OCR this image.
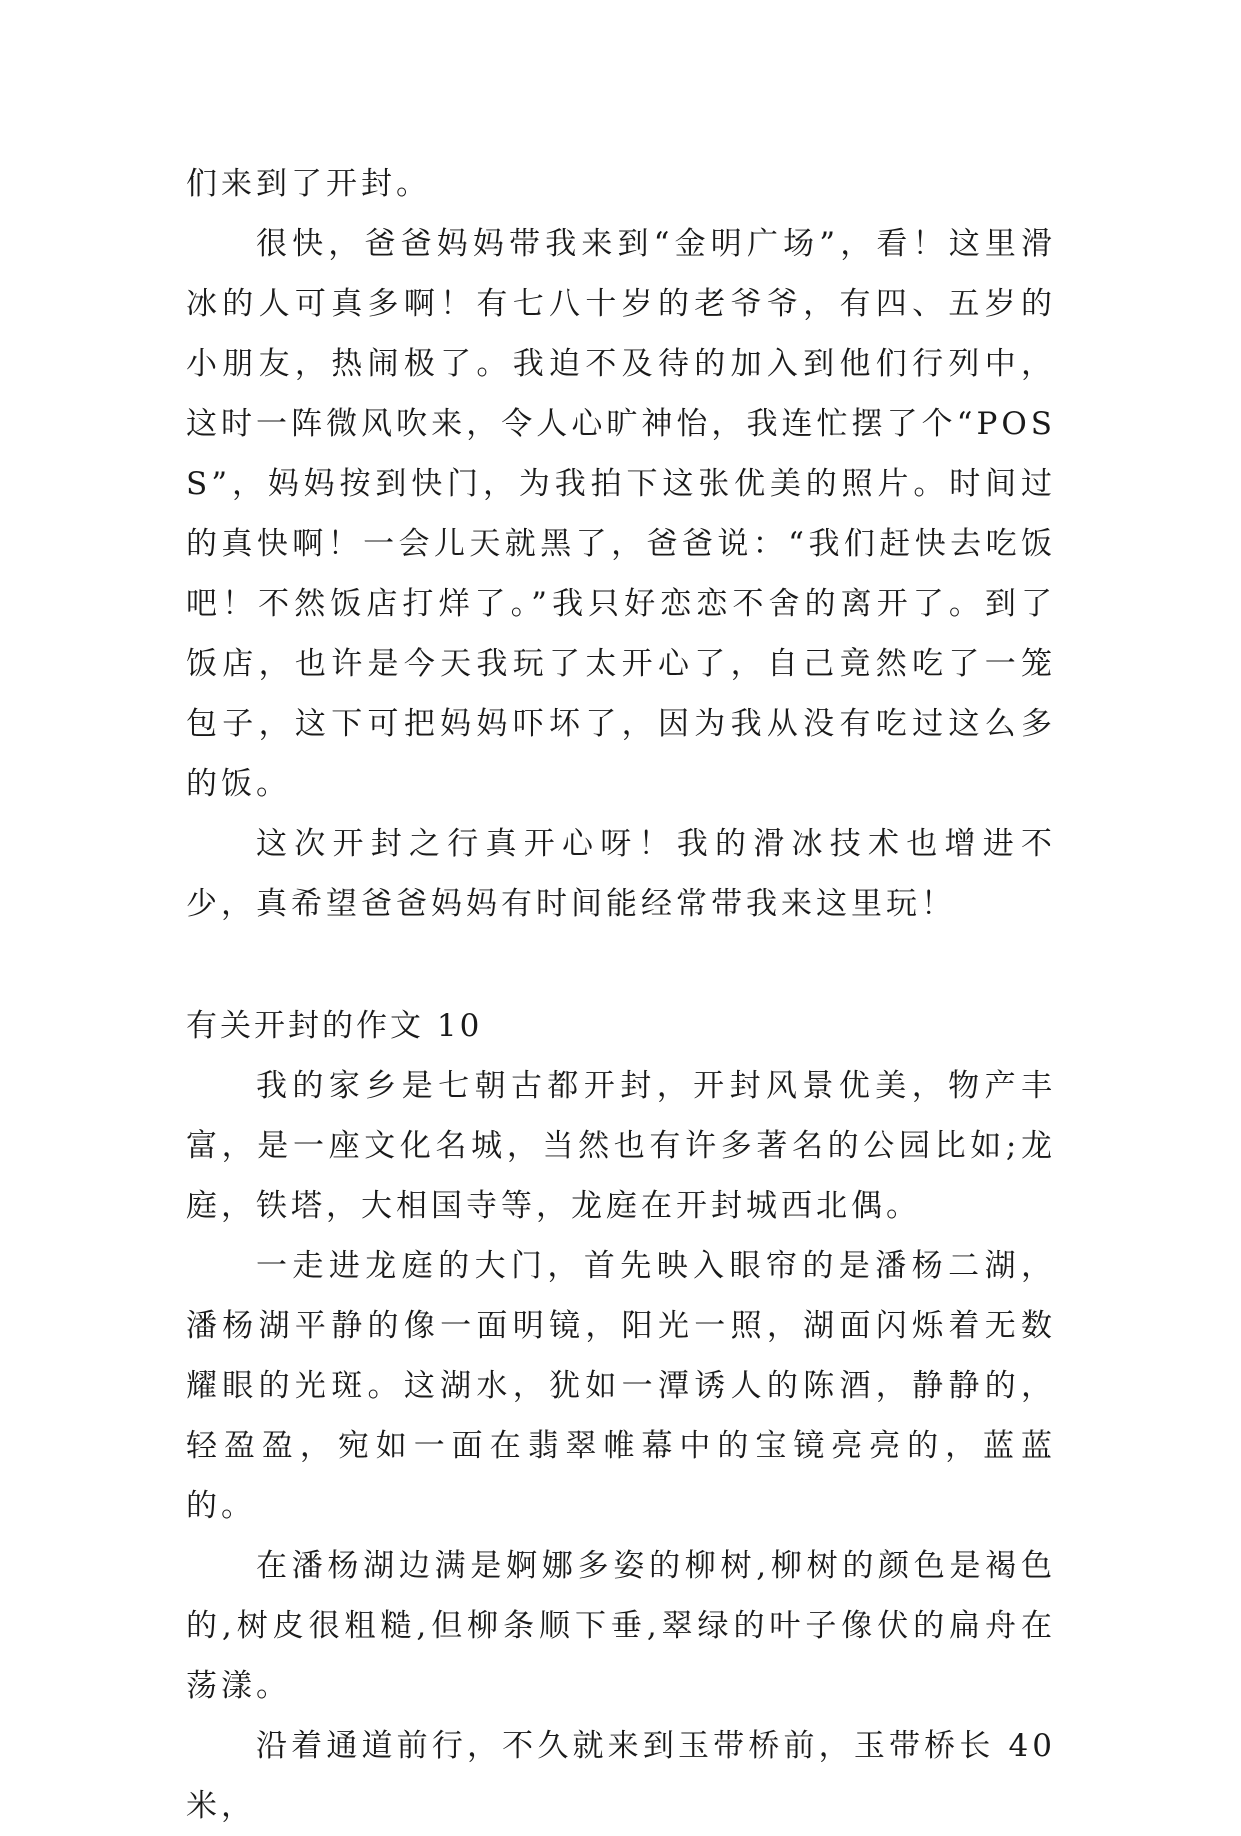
们来到了开封。

很快，爸爸妈妈带我来到“金明广场”，看！这里滑冰的人可真多啊！有七八十岁的老爷爷，有四、五岁的小朋友，热闹极了。我迫不及待的加入到他们行列中，这时一阵微风吹来，令人心旷神怡，我连忙摆了个“POSS”，妈妈按到快门，为我拍下这张优美的照片。时间过的真快啊！一会儿天就黑了，爸爸说：“我们赶快去吃饭吧！不然饭店打烊了。”我只好恋恋不舍的离开了。到了饭店，也许是今天我玩了太开心了，自己竟然吃了一笼包子，这下可把妈妈吓坏了，因为我从没有吃过这么多的饭。

这次开封之行真开心呀！我的滑冰技术也增进不少，真希望爸爸妈妈有时间能经常带我来这里玩！

有关开封的作文 10

我的家乡是七朝古都开封，开封风景优美，物产丰富，是一座文化名城，当然也有许多著名的公园比如;龙庭，铁塔，大相国寺等，龙庭在开封城西北偶。

一走进龙庭的大门，首先映入眼帘的是潘杨二湖，潘杨湖平静的像一面明镜，阳光一照，湖面闪烁着无数耀眼的光斑。这湖水，犹如一潭诱人的陈酒，静静的，轻盈盈，宛如一面在翡翠帷幕中的宝镜亮亮的，蓝蓝的。

在潘杨湖边满是婀娜多姿的柳树,柳树的颜色是褐色的,树皮很粗糙,但柳条顺下垂,翠绿的叶子像伏的扁舟在荡漾。

沿着通道前行，不久就来到玉带桥前，玉带桥长 40 米，
